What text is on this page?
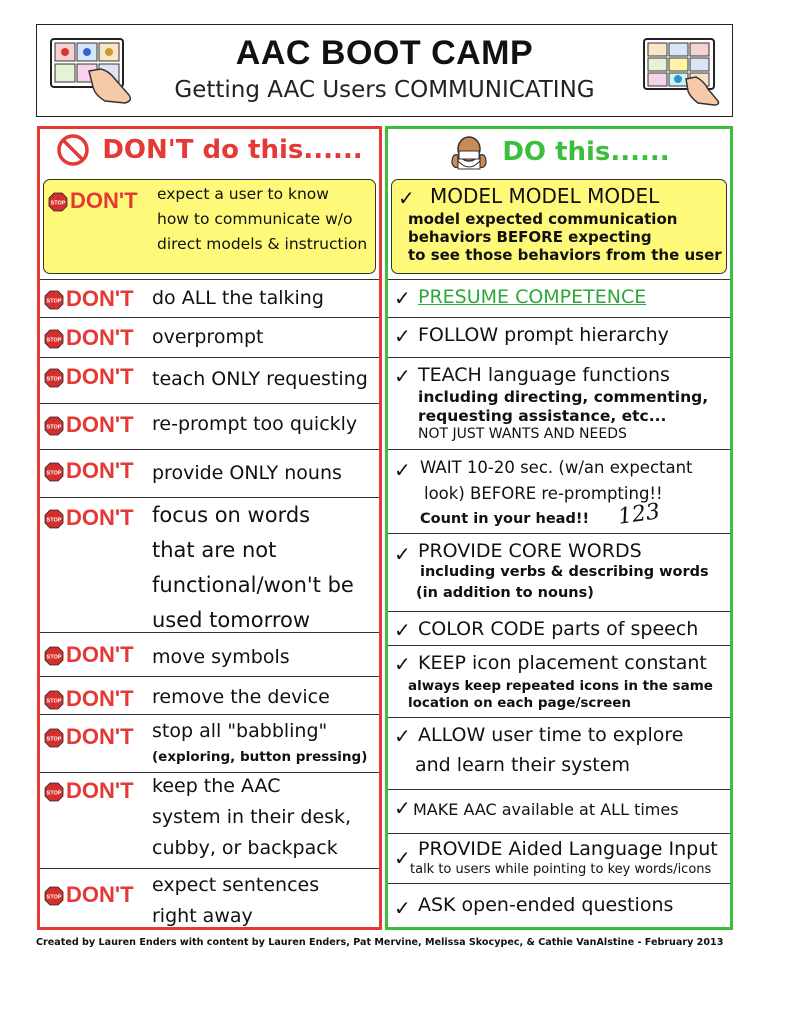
AAC BOOT CAMP
Getting AAC Users COMMUNICATING
DON'T do this......
STOP DON'T expect a user to know
how to communicate w/o
direct models & instruction
STOP DON'T do ALL the talking
STOP DON'T overprompt
STOP DON'T teach ONLY requesting
STOP DON'T re-prompt too quickly
STOP DON'T provide ONLY nouns
STOP DON'T focus on words
that are not
functional/won't be
used tomorrow
STOP DON'T move symbols
STOP DON'T remove the device
STOP DON'T stop all "babbling"
(exploring, button pressing)
STOP DON'T keep the AAC
system in their desk,
cubby, or backpack
STOP DON'T expect sentences
right away
DO this......
✓ MODEL MODEL MODEL
model expected communication
behaviors BEFORE expecting
to see those behaviors from the user
✓ PRESUME COMPETENCE
✓ FOLLOW prompt hierarchy
✓ TEACH language functions
including directing, commenting,
requesting assistance, etc...
NOT JUST WANTS AND NEEDS
✓ WAIT 10-20 sec. (w/an expectant
look) BEFORE re-prompting!!
Count in your head!! 123
✓ PROVIDE CORE WORDS
including verbs & describing words
(in addition to nouns)
✓ COLOR CODE parts of speech
✓ KEEP icon placement constant
always keep repeated icons in the same
location on each page/screen
✓ ALLOW user time to explore
and learn their system
✓ MAKE AAC available at ALL times
✓ PROVIDE Aided Language Input
talk to users while pointing to key words/icons
✓ ASK open-ended questions
Created by Lauren Enders with content by Lauren Enders, Pat Mervine, Melissa Skocypec, & Cathie VanAlstine - February 2013
